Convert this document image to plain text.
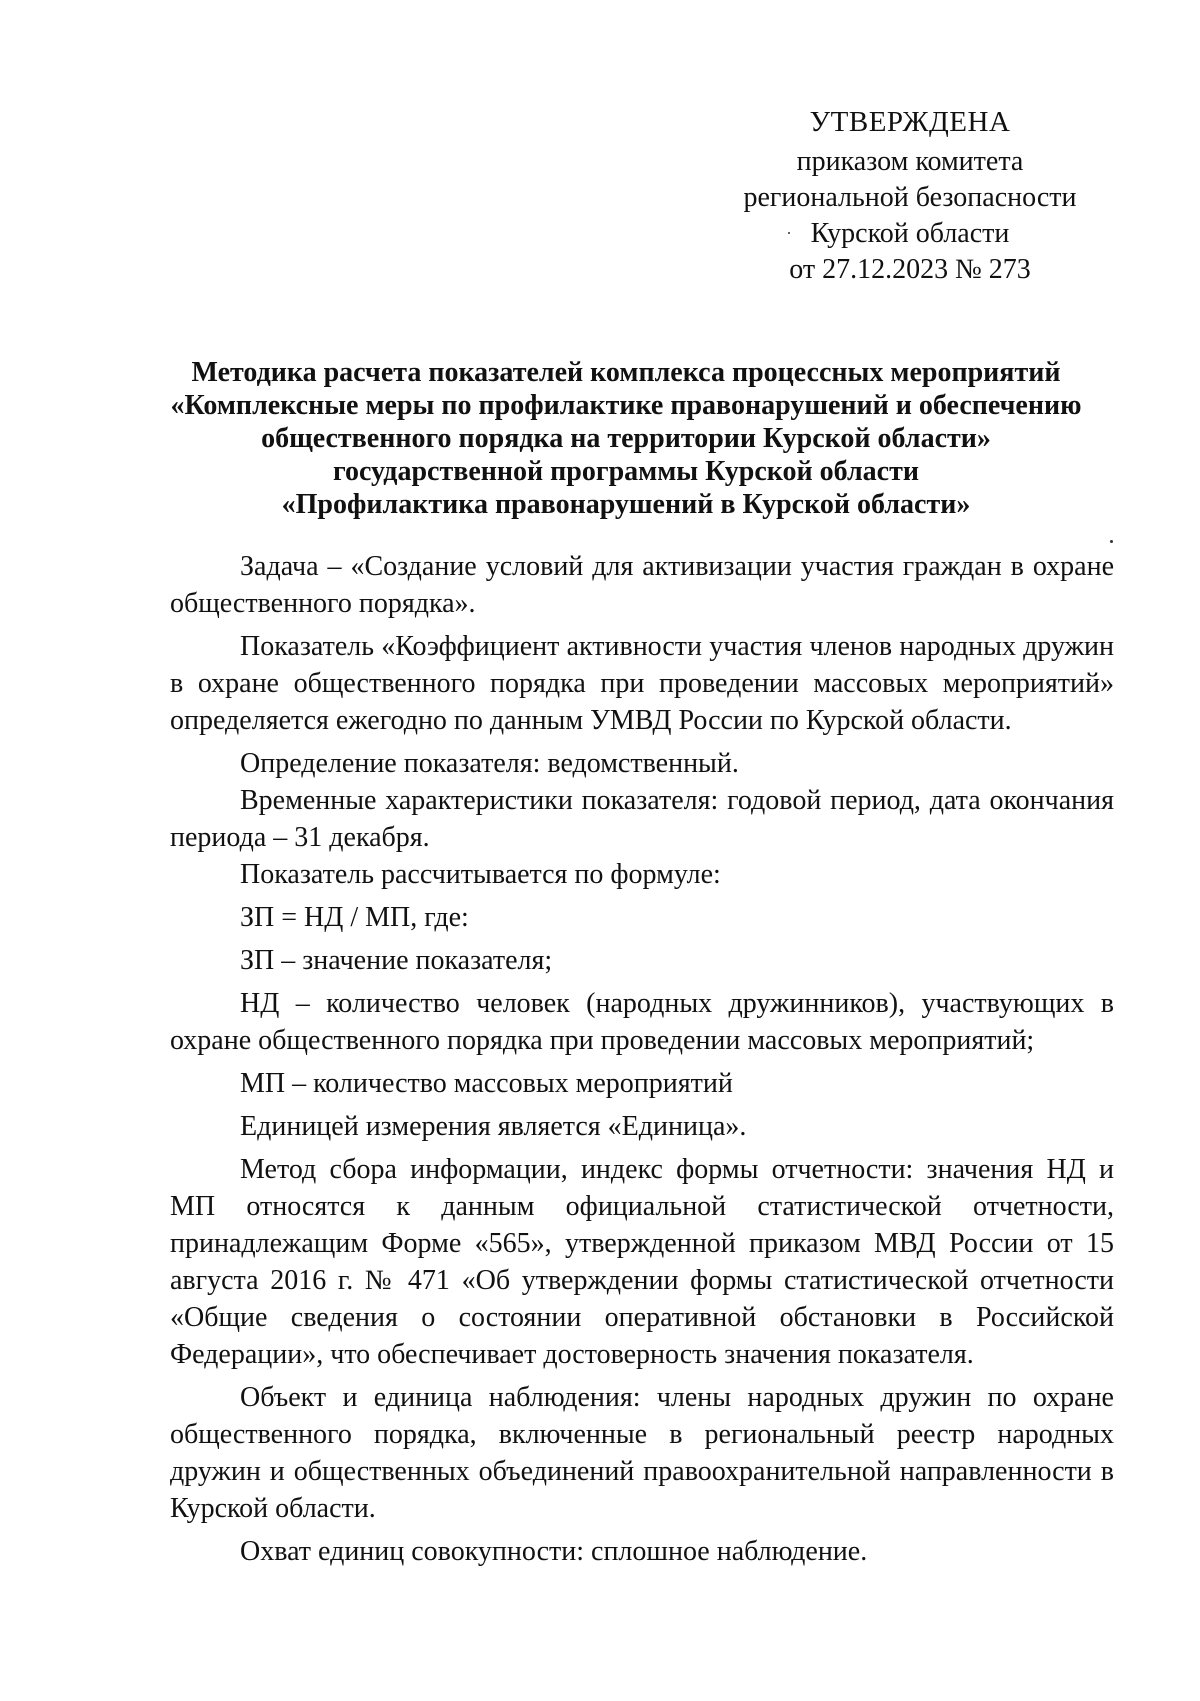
УТВЕРЖДЕНА
приказом комитета
региональной безопасности
Курской области
от 27.12.2023 № 273
Методика расчета показателей комплекса процессных мероприятий
«Комплексные меры по профилактике правонарушений и обеспечению
общественного порядка на территории Курской области»
государственной программы Курской области
«Профилактика правонарушений в Курской области»

Задача – «Создание условий для активизации участия граждан в охране общественного порядка».

Показатель «Коэффициент активности участия членов народных дружин в охране общественного порядка при проведении массовых мероприятий» определяется ежегодно по данным УМВД России по Курской области.

Определение показателя: ведомственный.

Временные характеристики показателя: годовой период, дата окончания периода – 31 декабря.

Показатель рассчитывается по формуле:

ЗП = НД / МП, где:

ЗП – значение показателя;

НД – количество человек (народных дружинников), участвующих в охране общественного порядка при проведении массовых мероприятий;

МП – количество массовых мероприятий

Единицей измерения является «Единица».

Метод сбора информации, индекс формы отчетности: значения НД и МП относятся к данным официальной статистической отчетности, принадлежащим Форме «565», утвержденной приказом МВД России от 15 августа 2016 г. № 471 «Об утверждении формы статистической отчетности «Общие сведения о состоянии оперативной обстановки в Российской Федерации», что обеспечивает достоверность значения показателя.

Объект и единица наблюдения: члены народных дружин по охране общественного порядка, включенные в региональный реестр народных дружин и общественных объединений правоохранительной направленности в Курской области.

Охват единиц совокупности: сплошное наблюдение.
